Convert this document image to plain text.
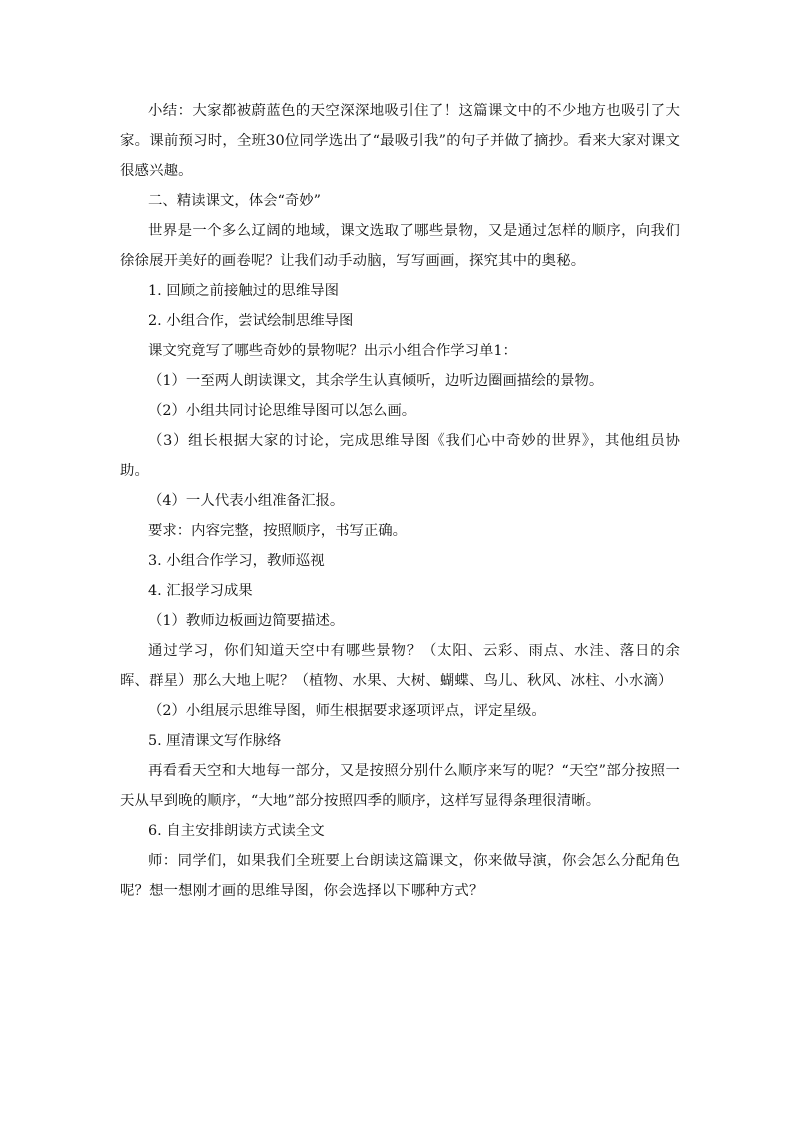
小结：大家都被蔚蓝色的天空深深地吸引住了！这篇课文中的不少地方也吸引了大家。课前预习时，全班30位同学选出了“最吸引我”的句子并做了摘抄。看来大家对课文很感兴趣。

二、精读课文，体会“奇妙”

世界是一个多么辽阔的地域，课文选取了哪些景物，又是通过怎样的顺序，向我们徐徐展开美好的画卷呢？让我们动手动脑，写写画画，探究其中的奥秘。

1. 回顾之前接触过的思维导图

2. 小组合作，尝试绘制思维导图

课文究竟写了哪些奇妙的景物呢？出示小组合作学习单1：

（1）一至两人朗读课文，其余学生认真倾听，边听边圈画描绘的景物。

（2）小组共同讨论思维导图可以怎么画。

（3）组长根据大家的讨论，完成思维导图《我们心中奇妙的世界》，其他组员协助。

（4）一人代表小组准备汇报。

要求：内容完整，按照顺序，书写正确。

3. 小组合作学习，教师巡视

4. 汇报学习成果

（1）教师边板画边简要描述。

通过学习，你们知道天空中有哪些景物？（太阳、云彩、雨点、水洼、落日的余晖、群星）那么大地上呢？（植物、水果、大树、蝴蝶、鸟儿、秋风、冰柱、小水滴）

（2）小组展示思维导图，师生根据要求逐项评点，评定星级。

5. 厘清课文写作脉络

再看看天空和大地每一部分，又是按照分别什么顺序来写的呢？“天空”部分按照一天从早到晚的顺序，“大地”部分按照四季的顺序，这样写显得条理很清晰。

6. 自主安排朗读方式读全文

师：同学们，如果我们全班要上台朗读这篇课文，你来做导演，你会怎么分配角色呢？想一想刚才画的思维导图，你会选择以下哪种方式？
